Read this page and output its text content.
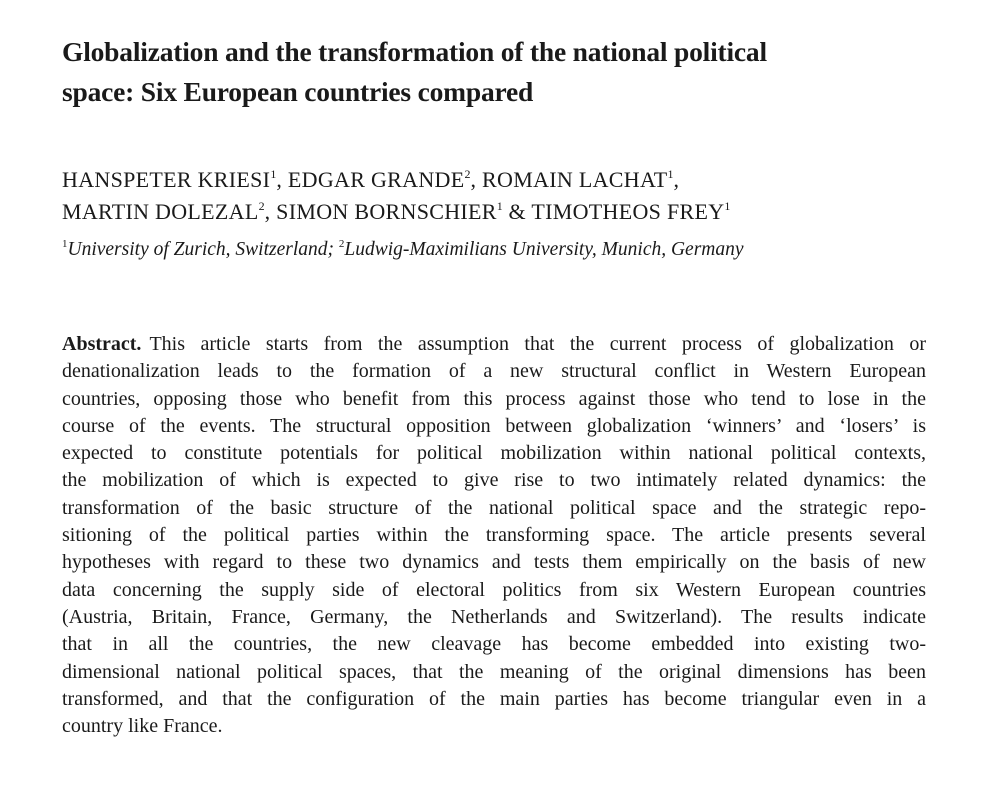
Globalization and the transformation of the national political
space: Six European countries compared
HANSPETER KRIESI$^1$, EDGAR GRANDE$^2$, ROMAIN LACHAT$^1$,
MARTIN DOLEZAL$^2$, SIMON BORNSCHIER$^1$ & TIMOTHEOS FREY$^1$
$^1$University of Zurich, Switzerland; $^2$Ludwig-Maximilians University, Munich, Germany
Abstract. This article starts from the assumption that the current process of globalization or
denationalization leads to the formation of a new structural conflict in Western European
countries, opposing those who benefit from this process against those who tend to lose in the
course of the events. The structural opposition between globalization ‘winners’ and ‘losers’ is
expected to constitute potentials for political mobilization within national political contexts,
the mobilization of which is expected to give rise to two intimately related dynamics: the
transformation of the basic structure of the national political space and the strategic repo-
sitioning of the political parties within the transforming space. The article presents several
hypotheses with regard to these two dynamics and tests them empirically on the basis of new
data concerning the supply side of electoral politics from six Western European countries
(Austria, Britain, France, Germany, the Netherlands and Switzerland). The results indicate
that in all the countries, the new cleavage has become embedded into existing two-
dimensional national political spaces, that the meaning of the original dimensions has been
transformed, and that the configuration of the main parties has become triangular even in a
country like France.
